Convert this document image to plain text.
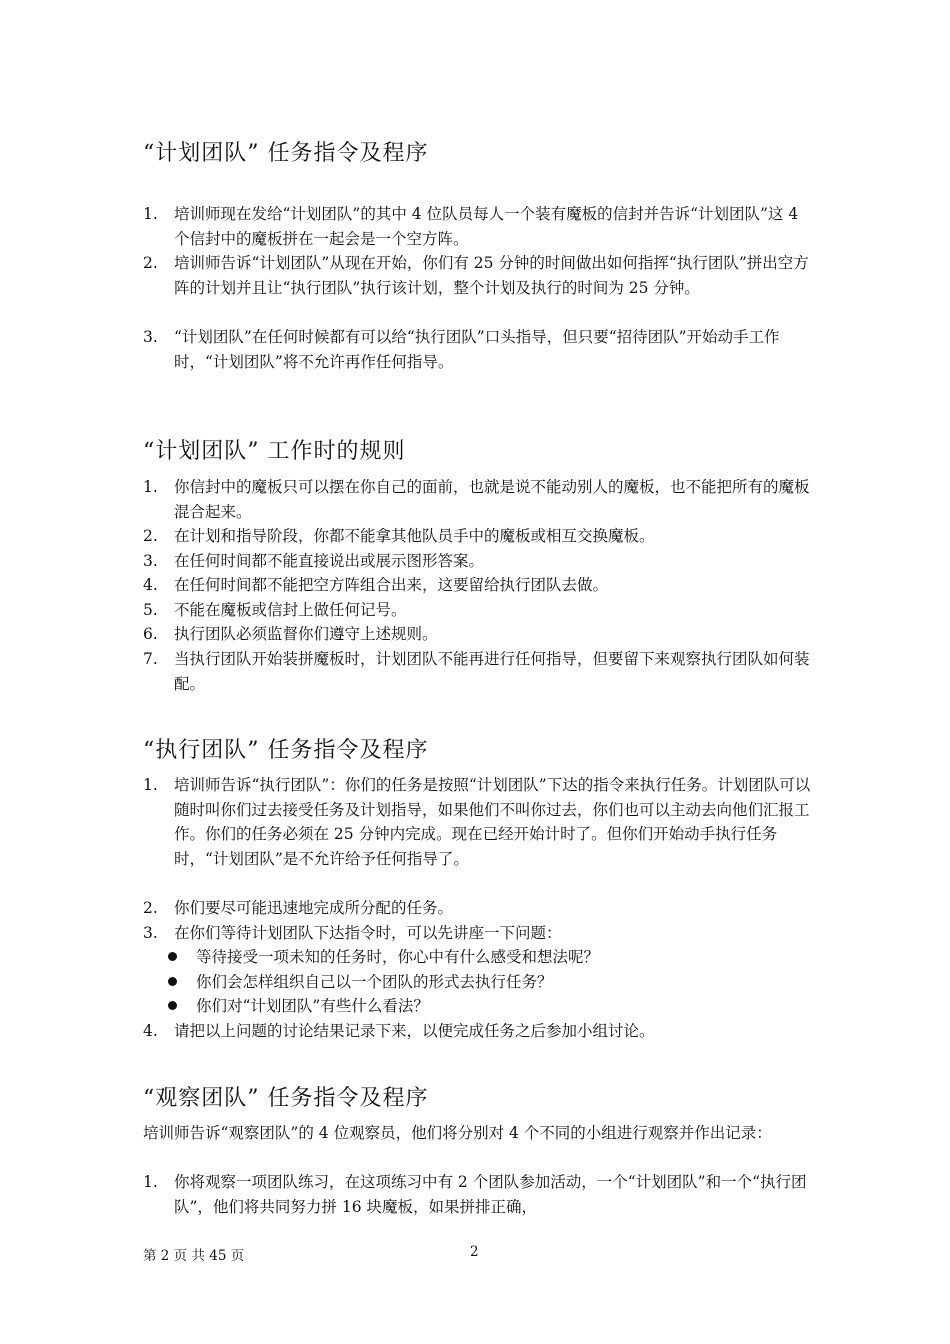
“计划团队” 任务指令及程序
1.	培训师现在发给“计划团队”的其中 4 位队员每人一个装有魔板的信封并告诉“计划团队”这 4 个信封中的魔板拼在一起会是一个空方阵。
2.	培训师告诉“计划团队”从现在开始，你们有 25 分钟的时间做出如何指挥“执行团队”拼出空方阵的计划并且让“执行团队”执行该计划，整个计划及执行的时间为 25 分钟。
3.	“计划团队”在任何时候都有可以给“执行团队”口头指导，但只要“招待团队”开始动手工作时，“计划团队”将不允许再作任何指导。
“计划团队” 工作时的规则
1.	你信封中的魔板只可以摆在你自己的面前，也就是说不能动别人的魔板，也不能把所有的魔板混合起来。
2.	在计划和指导阶段，你都不能拿其他队员手中的魔板或相互交换魔板。
3.	在任何时间都不能直接说出或展示图形答案。
4.	在任何时间都不能把空方阵组合出来，这要留给执行团队去做。
5.	不能在魔板或信封上做任何记号。
6.	执行团队必须监督你们遵守上述规则。
7.	当执行团队开始装拼魔板时，计划团队不能再进行任何指导，但要留下来观察执行团队如何装配。
“执行团队” 任务指令及程序
1.	培训师告诉“执行团队”：你们的任务是按照“计划团队”下达的指令来执行任务。计划团队可以随时叫你们过去接受任务及计划指导，如果他们不叫你过去，你们也可以主动去向他们汇报工作。你们的任务必须在 25 分钟内完成。现在已经开始计时了。但你们开始动手执行任务时，“计划团队”是不允许给予任何指导了。
2.	你们要尽可能迅速地完成所分配的任务。
3.	在你们等待计划团队下达指令时，可以先讲座一下问题：
等待接受一项未知的任务时，你心中有什么感受和想法呢？
你们会怎样组织自己以一个团队的形式去执行任务？
你们对“计划团队”有些什么看法？
4.	请把以上问题的讨论结果记录下来，以便完成任务之后参加小组讨论。
“观察团队” 任务指令及程序
培训师告诉“观察团队”的 4 位观察员，他们将分别对 4 个不同的小组进行观察并作出记录：
1.	你将观察一项团队练习，在这项练习中有 2 个团队参加活动，一个“计划团队”和一个“执行团队”，他们将共同努力拼 16 块魔板，如果拼排正确，
第 2 页 共 45 页	2
